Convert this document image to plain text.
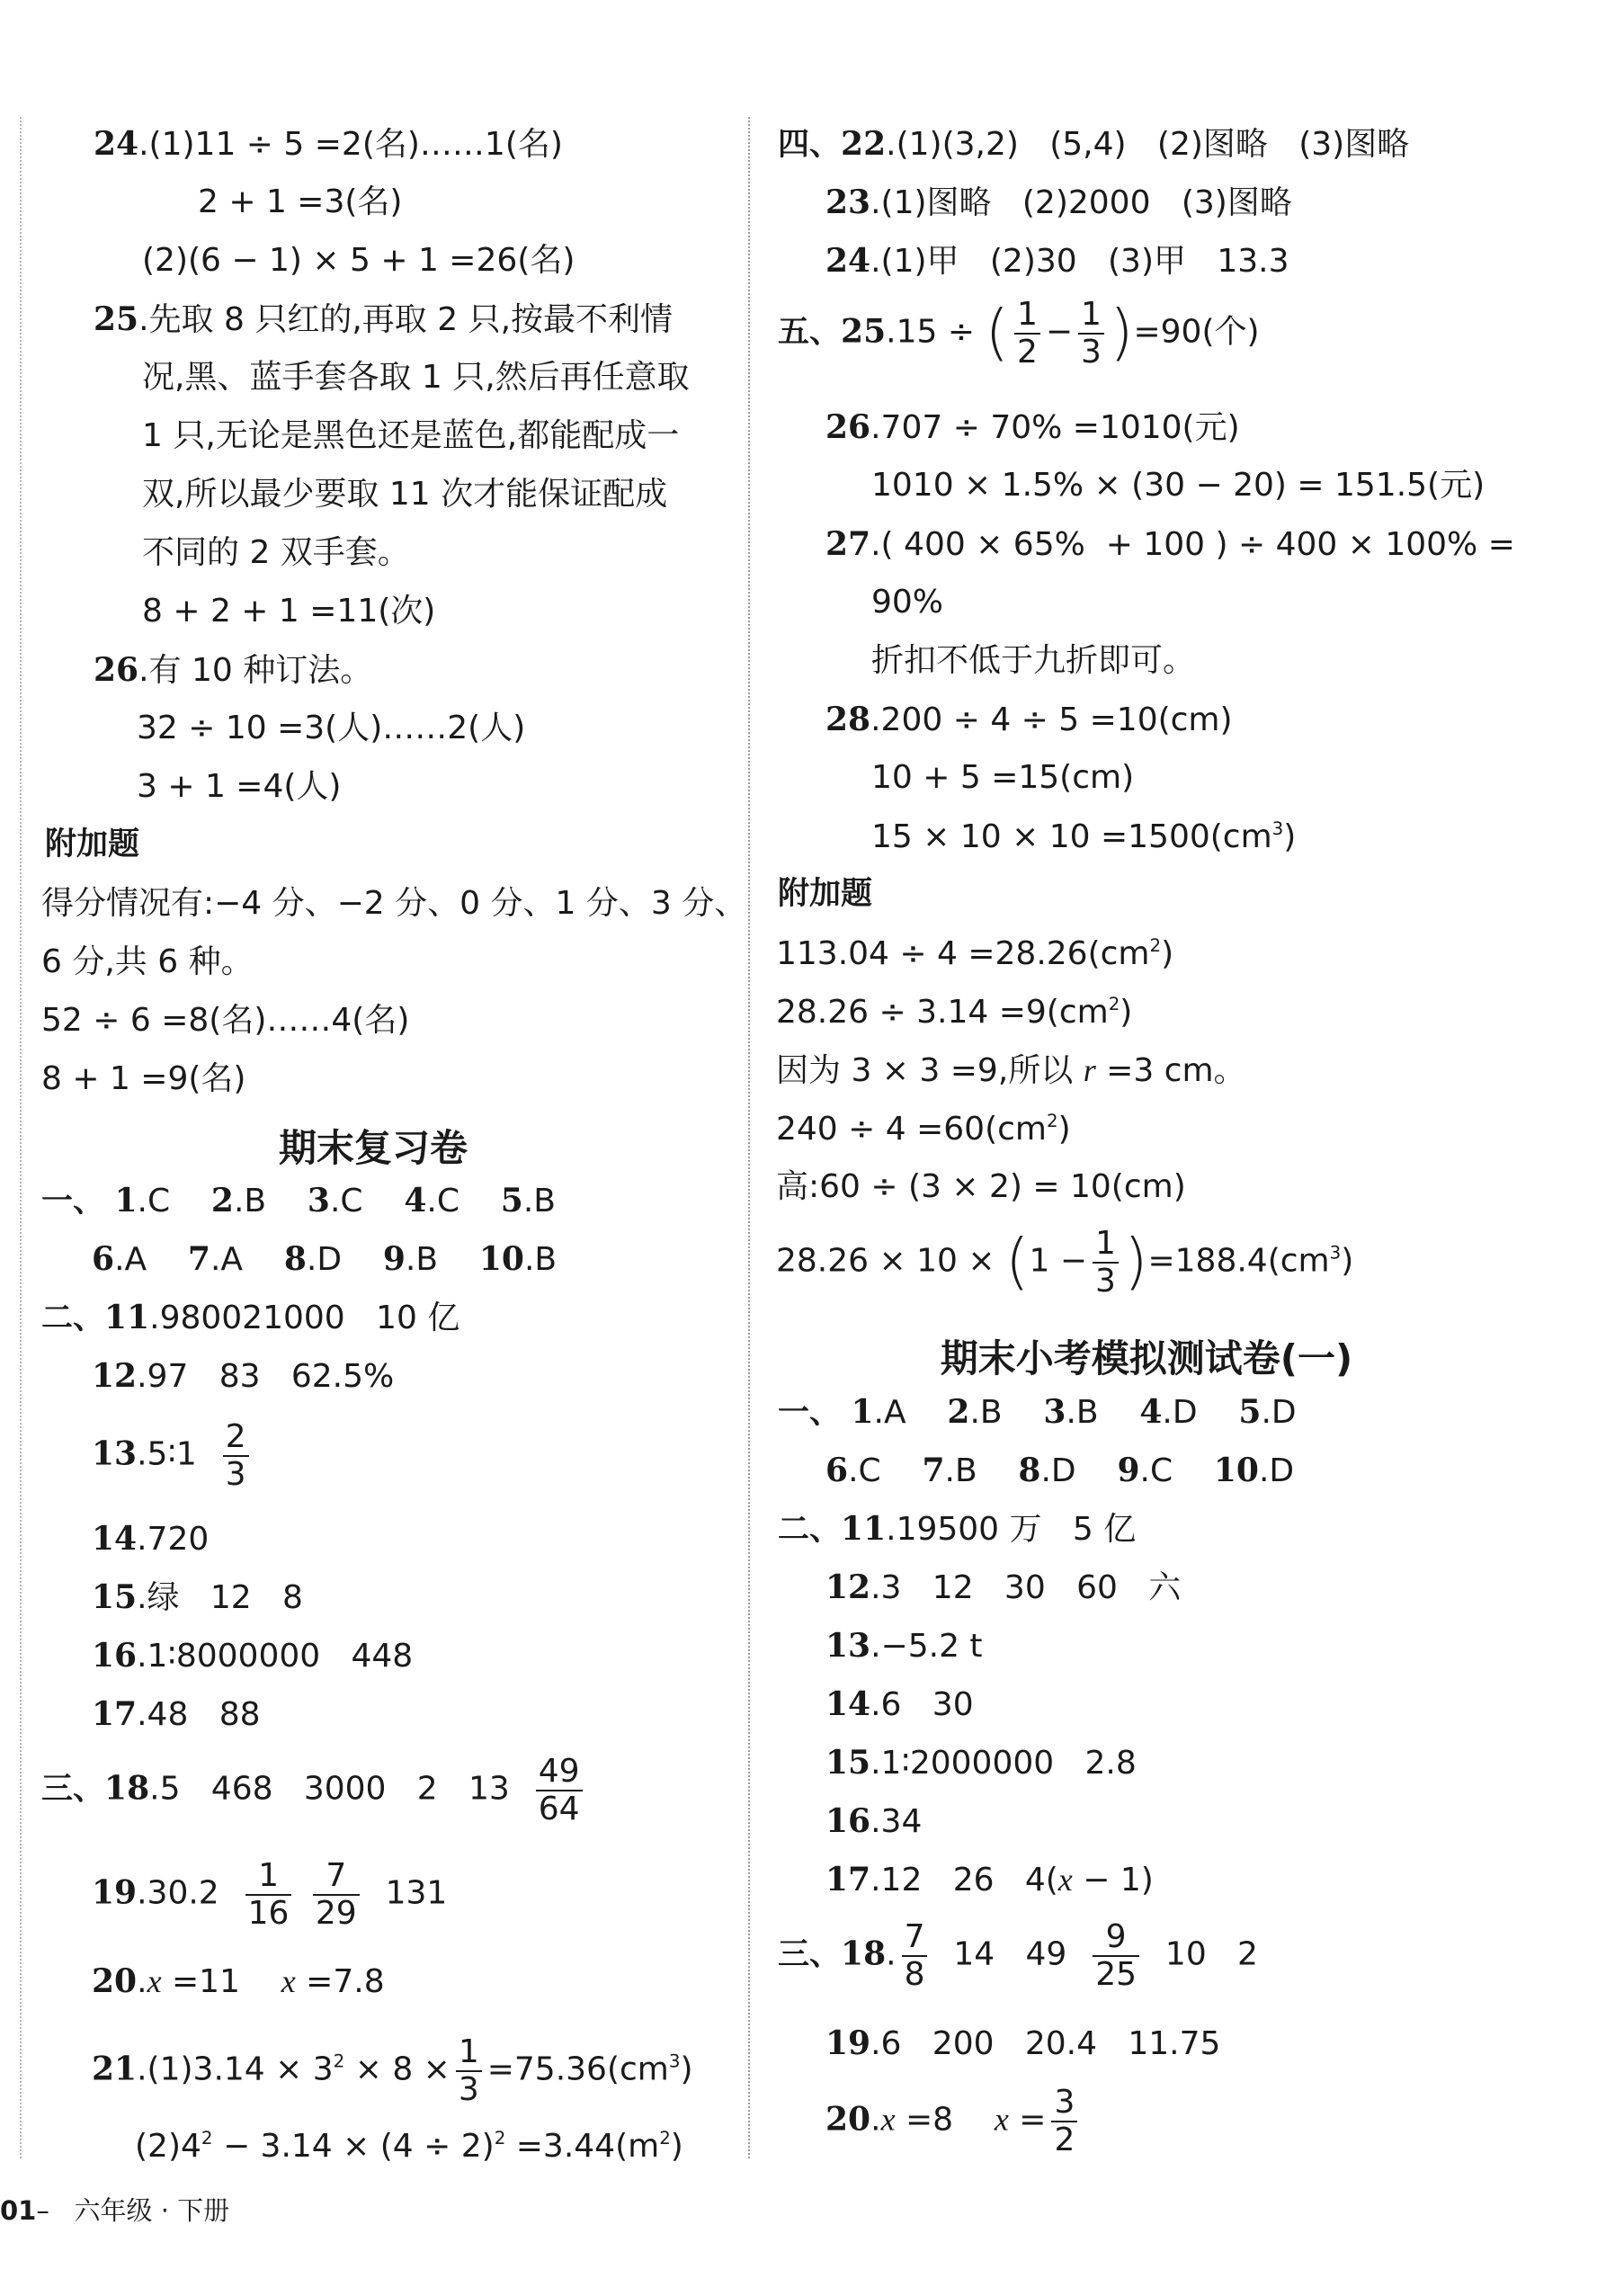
24.(1)11 ÷ 5 =2(名)……1(名)
2 + 1 =3(名)
(2)(6 − 1) × 5 + 1 =26(名)
25.先取 8 只红的,再取 2 只,按最不利情
况,黑、蓝手套各取 1 只,然后再任意取
1 只,无论是黑色还是蓝色,都能配成一
双,所以最少要取 11 次才能保证配成
不同的 2 双手套。
8 + 2 + 1 =11(次)
26.有 10 种订法。
32 ÷ 10 =3(人)……2(人)
3 + 1 =4(人)
附加题
得分情况有:−4 分、−2 分、0 分、1 分、3 分、
6 分,共 6 种。
52 ÷ 6 =8(名)……4(名)
8 + 1 =9(名)
期末复习卷
一、 1.C 2.B 3.C 4.C 5.B
6.A 7.A 8.D 9.B 10.B
二、11.980021000   10 亿
12.97   83   62.5%
13.5∶1 $\frac{2}{3}$
14.720
15.绿   12   8
16.1∶8000000   448
17.48   88
三、18.5   468   3000   2   $13 \frac{49}{64}$
$19.30.2 \frac{1}{16}$
$\frac{7}{29} 131$
20.x =11 x =7.8
$21.(1)3.14 \times 3^2 \times 8 \times \frac{1}{3} =75.36(cm^3)$
$(2)4^2 - 3.14 \times (4 \div 2)^2 =3.44(m^2)$
四、22.(1)(3,2)   (5,4)   (2)图略   (3)图略
23.(1)图略   (2)2000   (3)图略
24.(1)甲   (2)30   (3)甲   13.3
五、25.15 ÷ ( $\frac{1}{2} - \frac{1}{3} )=90$(个)
26.707 ÷ 70% =1010(元)
1010 × 1.5% × (30 − 20) = 151.5(元)
27.( 400 × 65%  + 100 ) ÷ 400 × 100% =
90%
折扣不低于九折即可。
28.200 ÷ 4 ÷ 5 =10(cm)
10 + 5 =15(cm)
$15 \times 10 \times 10 =1500(cm^3)$
附加题
$113.04 \div 4 =28.26(cm^2)$
$28.26 \div 3.14 =9(cm^2)$
因为 3 × 3 =9,所以 r =3 cm。
$240 \div 4 =60(cm^2)$
高:60 ÷ (3 × 2) = 10(cm)
$28.26 \times 10 \times (1 - \frac{1}{3} )=188.4(cm^3)$
期末小考模拟测试卷(一)
一、 1.A 2.B 3.B 4.D 5.D
6.C 7.B 8.D 9.C 10.D
二、11.19500 万   5 亿
12.3   12   30   60   六
13.−5.2 t
14.6   30
15.1∶2000000   2.8
16.34
17.12   26   4(x − 1)
三、18. $\frac{7}{8} 14$   $49 \frac{9}{25} 10$   2
19.6   200   20.4   11.75
20.x =8 $x = \frac{3}{2}$
01– 六年级 · 下册
